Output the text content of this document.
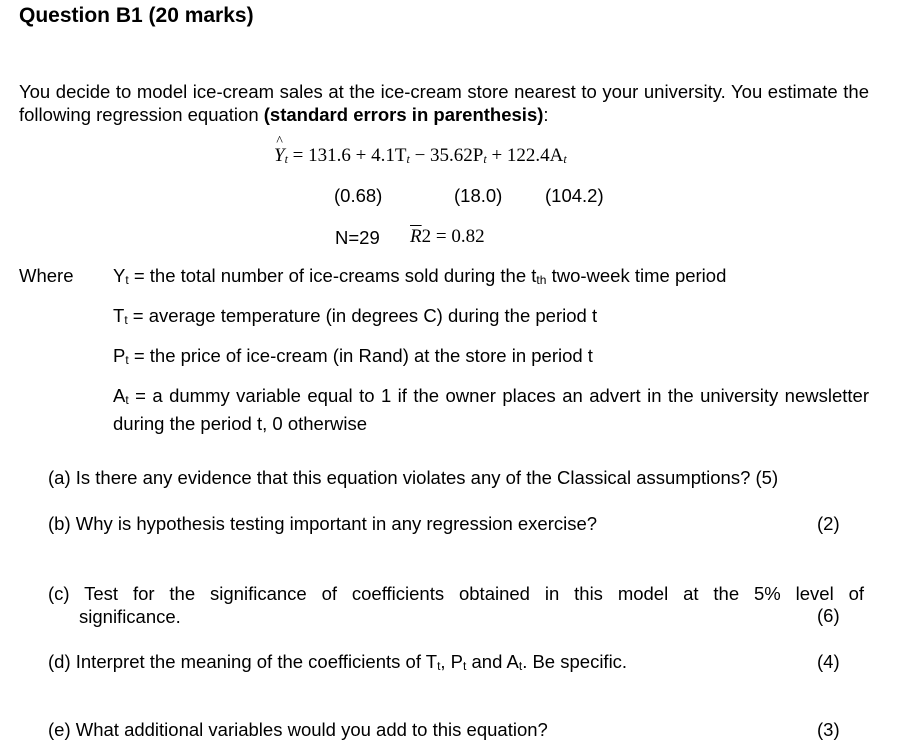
Question B1 (20 marks)
You decide to model ice-cream sales at the ice-cream store nearest to your university. You estimate the following regression equation (standard errors in parenthesis):
^ $Y_t = 131.6 + 4.1T_t - 35.62P_t + 122.4A_t$
(0.68)	(18.0) (104.2)
N=29 $\overline{R}2 = 0.82$
Where $Y_t$ = the total number of ice-creams sold during the tth two-week time period
$T_t$ = average temperature (in degrees C) during the period t
$P_t$ = the price of ice-cream (in Rand) at the store in period t
$A_t = a$ dummy variable equal to 1 if the owner places an advert in the university newsletter during the period t, 0 otherwise
(a) Is there any evidence that this equation violates any of the Classical assumptions? (5)
(b) Why is hypothesis testing important in any regression exercise?	(2)
(c) Test for the significance of coefficients obtained in this model at the 5% level of
significance.	(6)
(d) Interpret the meaning of the coefficients of $T_t$, $P_t$ and $A_t$. Be specific.	(4)
(e) What additional variables would you add to this equation?	(3)
